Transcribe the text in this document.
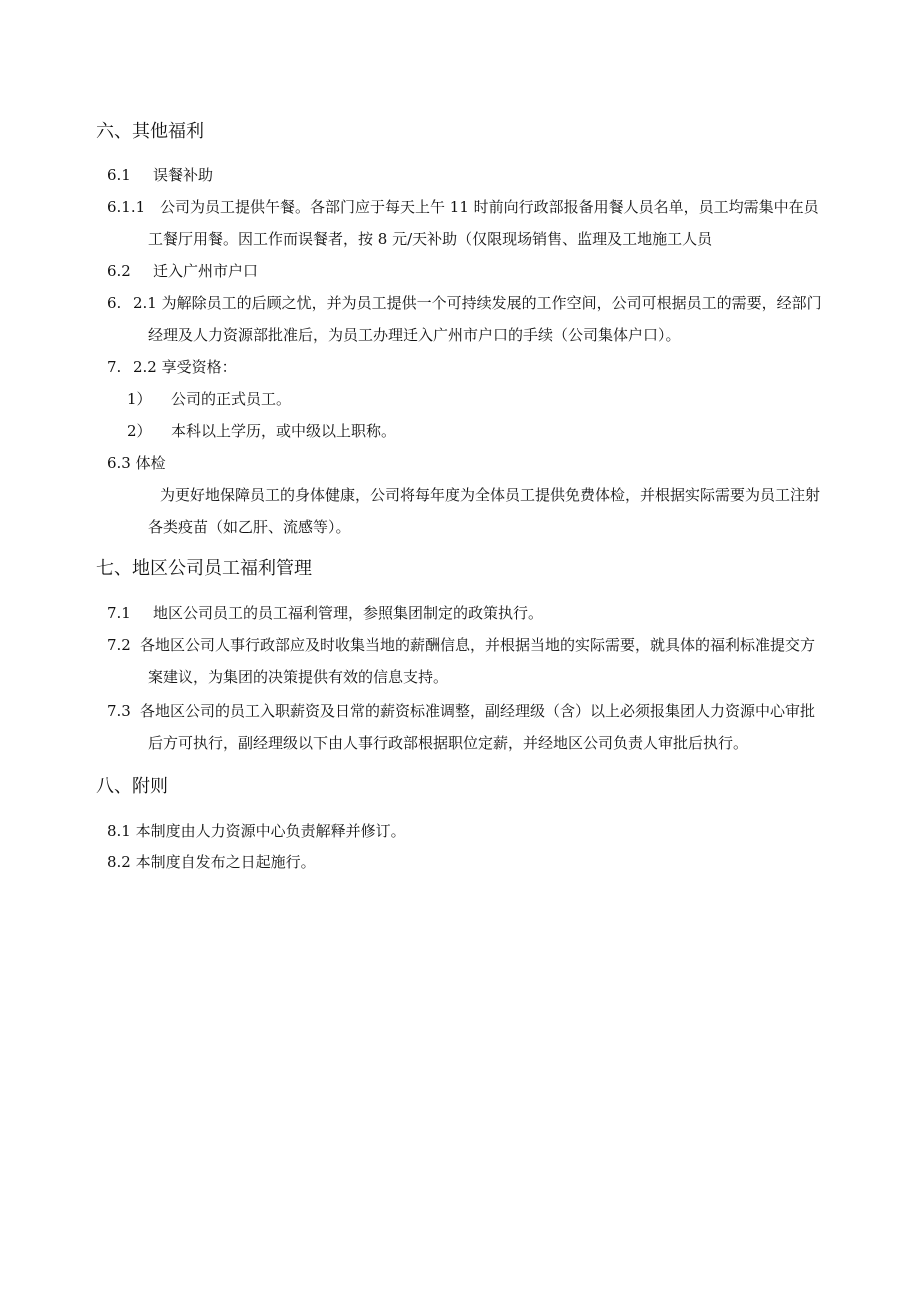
六、其他福利
6.1 误餐补助
6.1.1 公司为员工提供午餐。各部门应于每天上午 11 时前向行政部报备用餐人员名单，员工均需集中在员
工餐厅用餐。因工作而误餐者，按 8 元/天补助（仅限现场销售、监理及工地施工人员
6.2 迁入广州市户口
6. 2.1 为解除员工的后顾之忧，并为员工提供一个可持续发展的工作空间，公司可根据员工的需要，经部门
经理及人力资源部批准后，为员工办理迁入广州市户口的手续（公司集体户口）。
7. 2.2 享受资格：
1） 公司的正式员工。
2） 本科以上学历，或中级以上职称。
6.3 体检
为更好地保障员工的身体健康，公司将每年度为全体员工提供免费体检，并根据实际需要为员工注射
各类疫苗（如乙肝、流感等）。
七、地区公司员工福利管理
7.1 地区公司员工的员工福利管理，参照集团制定的政策执行。
7.2 各地区公司人事行政部应及时收集当地的薪酬信息，并根据当地的实际需要，就具体的福利标准提交方
案建议，为集团的决策提供有效的信息支持。
7.3 各地区公司的员工入职薪资及日常的薪资标准调整，副经理级（含）以上必须报集团人力资源中心审批
后方可执行，副经理级以下由人事行政部根据职位定薪，并经地区公司负责人审批后执行。
八、附则
8.1 本制度由人力资源中心负责解释并修订。
8.2 本制度自发布之日起施行。
